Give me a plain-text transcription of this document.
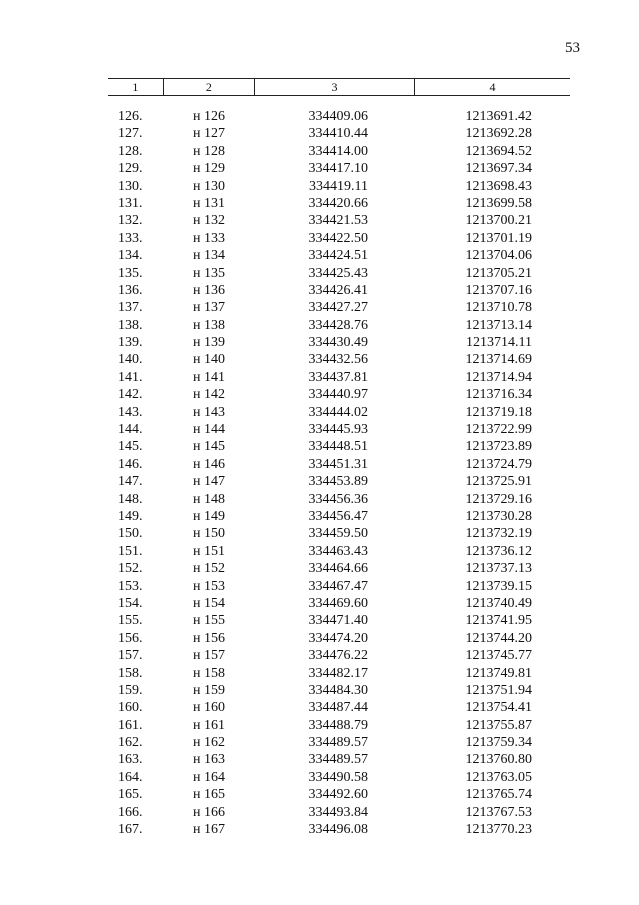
53
1	2	3	4
126.	н 126	334409.06	1213691.42
127.	н 127	334410.44	1213692.28
128.	н 128	334414.00	1213694.52
129.	н 129	334417.10	1213697.34
130.	н 130	334419.11	1213698.43
131.	н 131	334420.66	1213699.58
132.	н 132	334421.53	1213700.21
133.	н 133	334422.50	1213701.19
134.	н 134	334424.51	1213704.06
135.	н 135	334425.43	1213705.21
136.	н 136	334426.41	1213707.16
137.	н 137	334427.27	1213710.78
138.	н 138	334428.76	1213713.14
139.	н 139	334430.49	1213714.11
140.	н 140	334432.56	1213714.69
141.	н 141	334437.81	1213714.94
142.	н 142	334440.97	1213716.34
143.	н 143	334444.02	1213719.18
144.	н 144	334445.93	1213722.99
145.	н 145	334448.51	1213723.89
146.	н 146	334451.31	1213724.79
147.	н 147	334453.89	1213725.91
148.	н 148	334456.36	1213729.16
149.	н 149	334456.47	1213730.28
150.	н 150	334459.50	1213732.19
151.	н 151	334463.43	1213736.12
152.	н 152	334464.66	1213737.13
153.	н 153	334467.47	1213739.15
154.	н 154	334469.60	1213740.49
155.	н 155	334471.40	1213741.95
156.	н 156	334474.20	1213744.20
157.	н 157	334476.22	1213745.77
158.	н 158	334482.17	1213749.81
159.	н 159	334484.30	1213751.94
160.	н 160	334487.44	1213754.41
161.	н 161	334488.79	1213755.87
162.	н 162	334489.57	1213759.34
163.	н 163	334489.57	1213760.80
164.	н 164	334490.58	1213763.05
165.	н 165	334492.60	1213765.74
166.	н 166	334493.84	1213767.53
167.	н 167	334496.08	1213770.23
